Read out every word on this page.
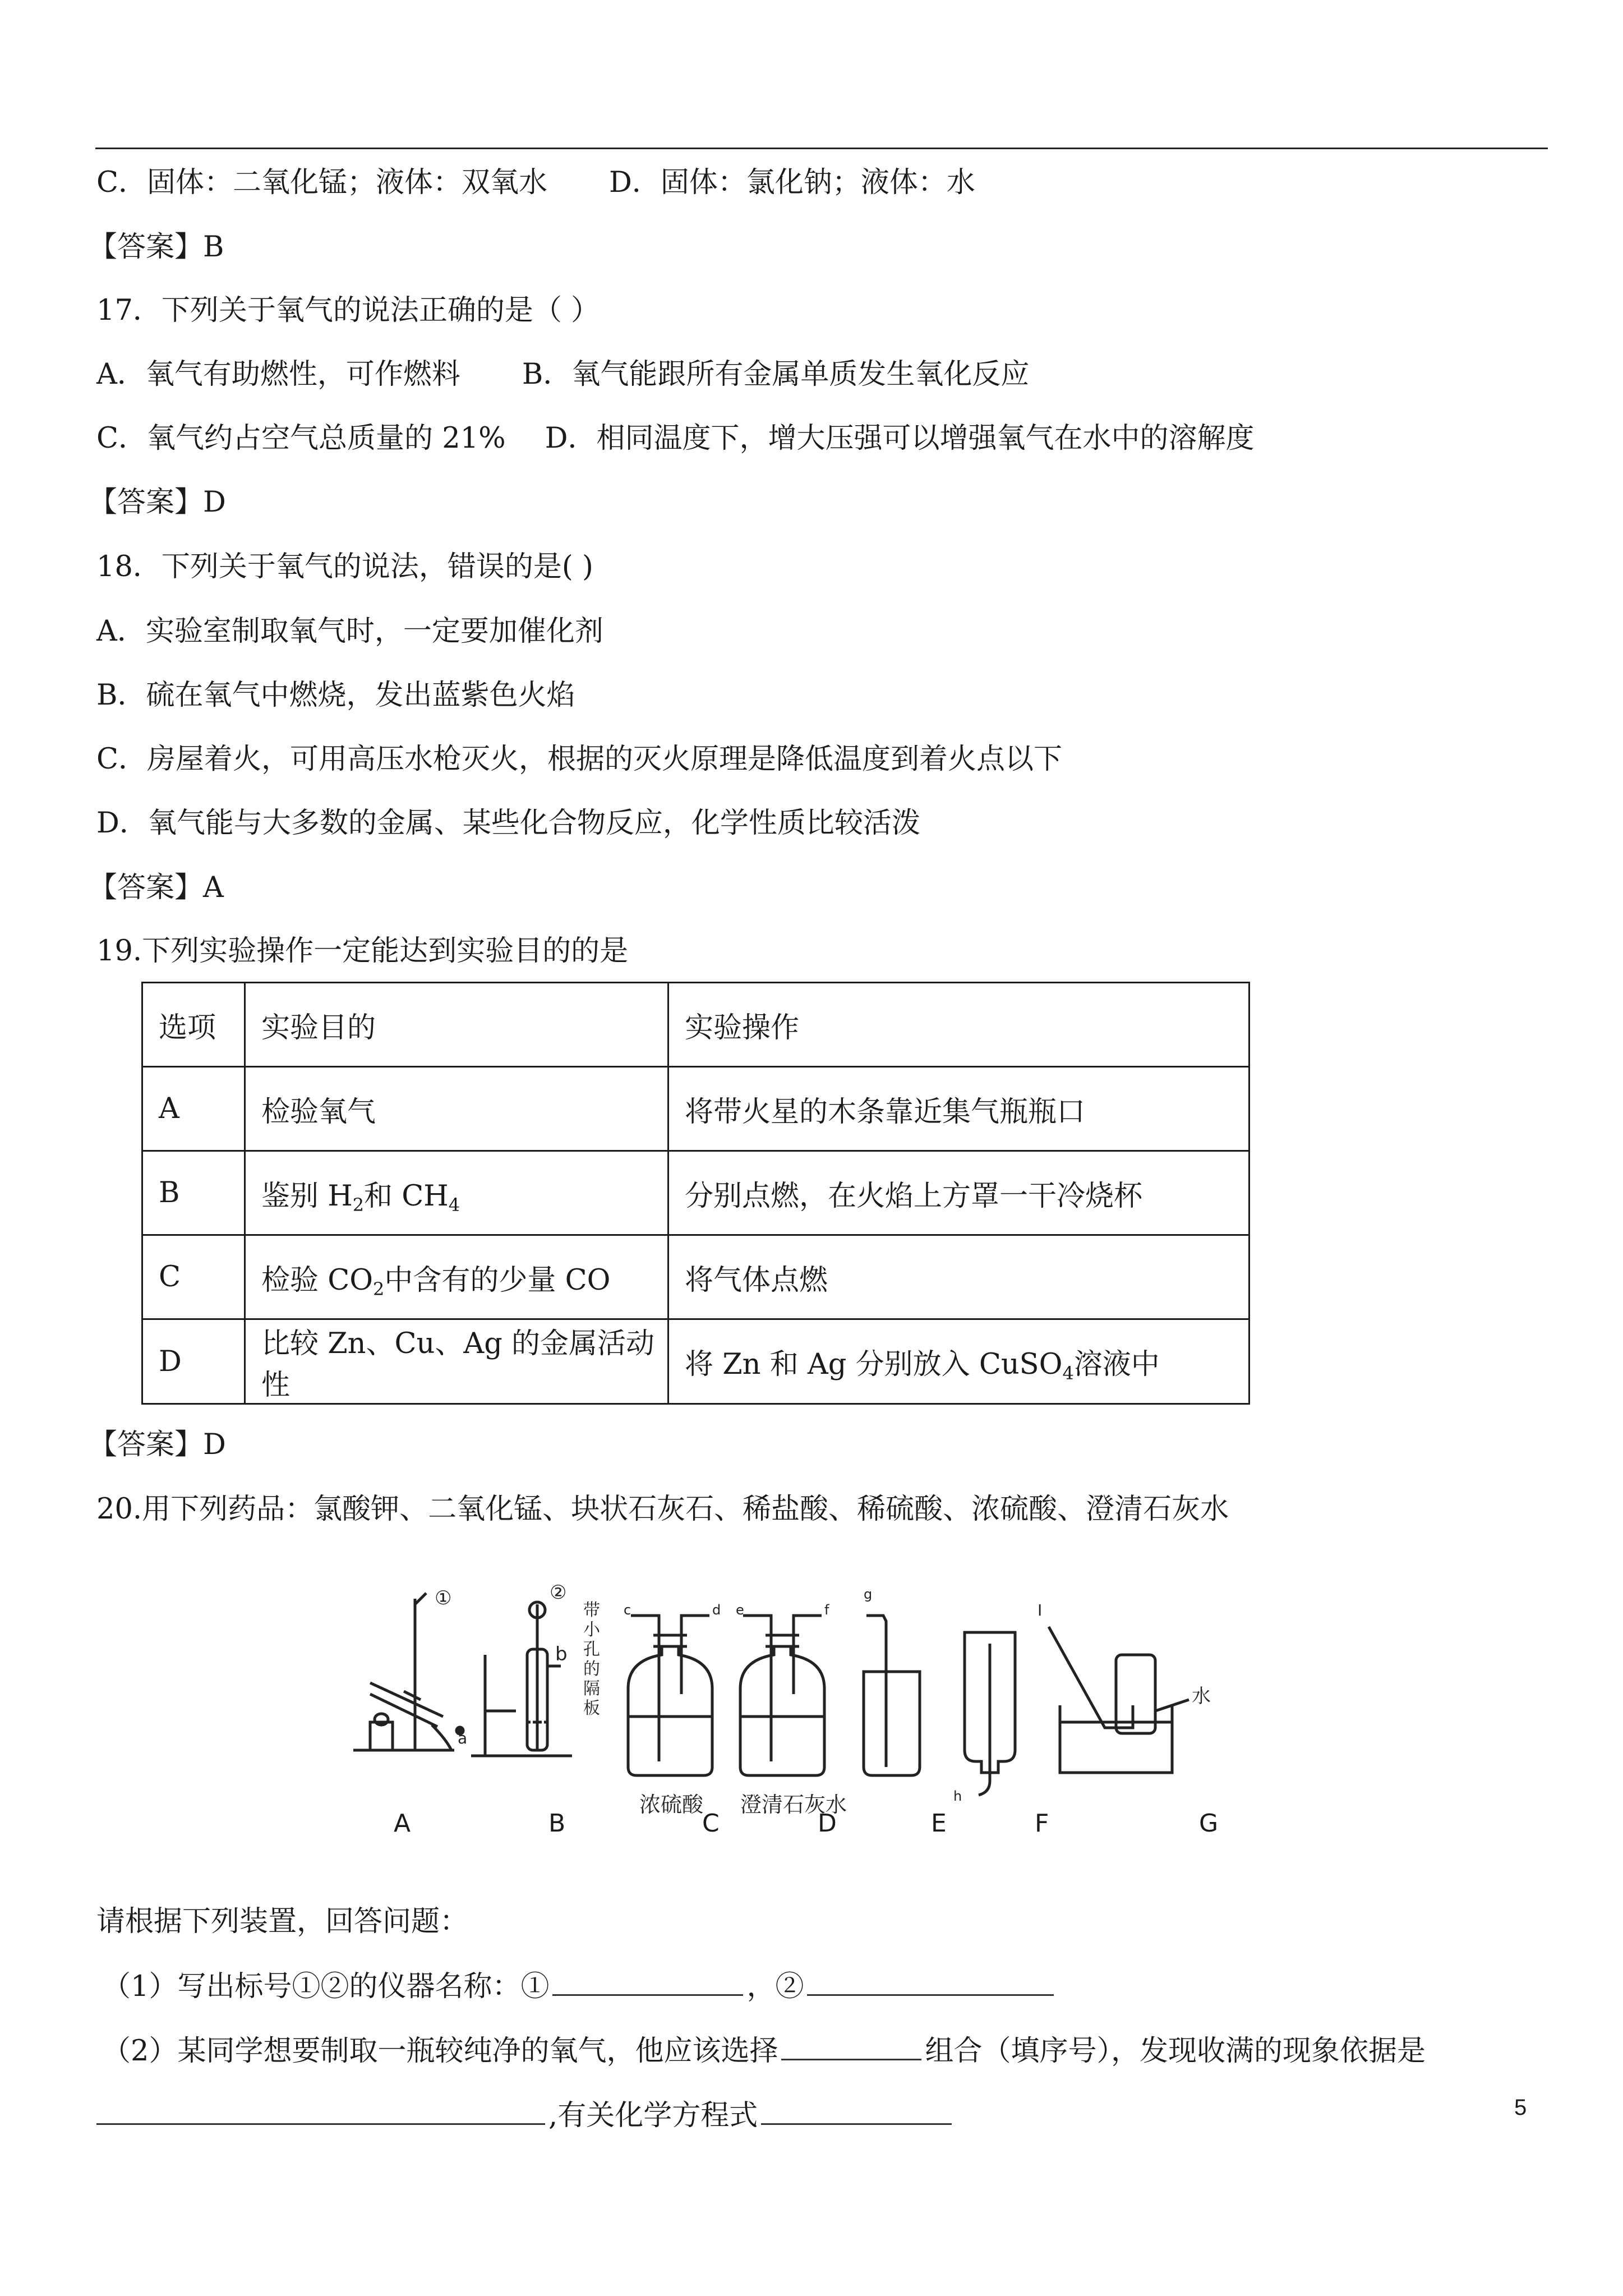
C．固体：二氧化锰；液体：双氧水 D．固体：氯化钠；液体：水
【答案】B
17．下列关于氧气的说法正确的是（ ）
A．氧气有助燃性，可作燃料 B．氧气能跟所有金属单质发生氧化反应
C．氧气约占空气总质量的 21% D．相同温度下，增大压强可以增强氧气在水中的溶解度
【答案】D
18．下列关于氧气的说法，错误的是( )
A．实验室制取氧气时，一定要加催化剂
B．硫在氧气中燃烧，发出蓝紫色火焰
C．房屋着火，可用高压水枪灭火，根据的灭火原理是降低温度到着火点以下
D．氧气能与大多数的金属、某些化合物反应，化学性质比较活泼
【答案】A
19.下列实验操作一定能达到实验目的的是
选项	实验目的	实验操作
A	检验氧气	将带火星的木条靠近集气瓶瓶口
B	鉴别 $H_2$和 $CH_4$	分别点燃，在火焰上方罩一干冷烧杯
C	检验 $CO_2$中含有的少量 CO	将气体点燃
D	比较 Zn、Cu、Ag 的金属活动性	将 Zn 和 Ag 分别放入 CuSO$_4$溶液中
【答案】D
20.用下列药品：氯酸钾、二氧化锰、块状石灰石、稀盐酸、稀硫酸、浓硫酸、澄清石灰水
①
a
②
b
带
小
孔
的
隔
板
c	d e	f
g
h
I
水
浓硫酸 澄清石灰水
A	B	C	D	E	F	G
请根据下列装置，回答问题：
（1）写出标号①②的仪器名称：①	，②
（2）某同学想要制取一瓶较纯净的氧气，他应该选择	组合（填序号），发现收满的现象依据是
,有关化学方程式	5
